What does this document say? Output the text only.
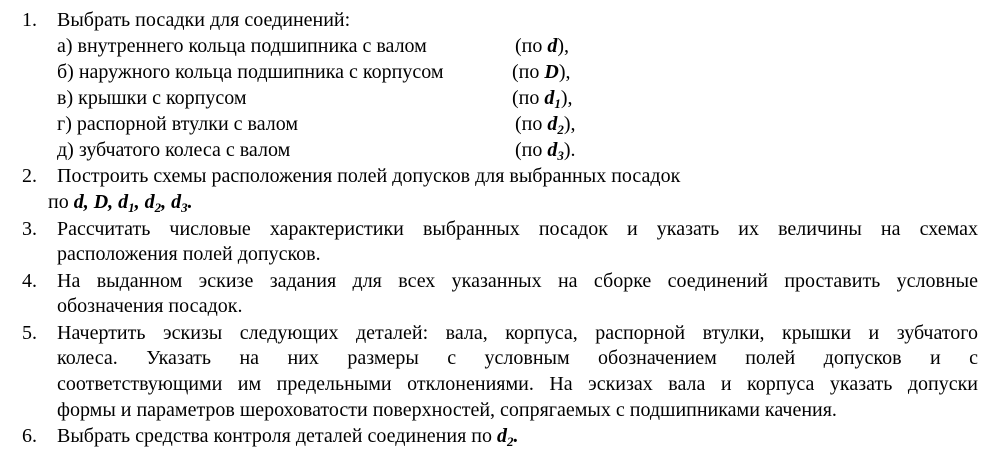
1. Выбрать посадки для соединений:
а) внутреннего кольца подшипника с валом	(по d),
б) наружного кольца подшипника с корпусом	(по D),
в) крышки с корпусом	(по $d_1$),
г) распорной втулки с валом	(по $d_2$),
д) зубчатого колеса с валом	(по $d_3$).
2. Построить схемы расположения полей допусков для выбранных посадок
по d, D, $d_1$, $d_2$, $d_3$.
3. Рассчитать числовые характеристики выбранных посадок и указать их величины на схемах
расположения полей допусков.
4. На выданном эскизе задания для всех указанных на сборке соединений проставить условные
обозначения посадок.
5. Начертить эскизы следующих деталей: вала, корпуса, распорной втулки, крышки и зубчатого
колеса. Указать на них размеры с условным обозначением полей допусков и с
соответствующими им предельными отклонениями. На эскизах вала и корпуса указать допуски
формы и параметров шероховатости поверхностей, сопрягаемых с подшипниками качения.
6. Выбрать средства контроля деталей соединения по $d_2$.
